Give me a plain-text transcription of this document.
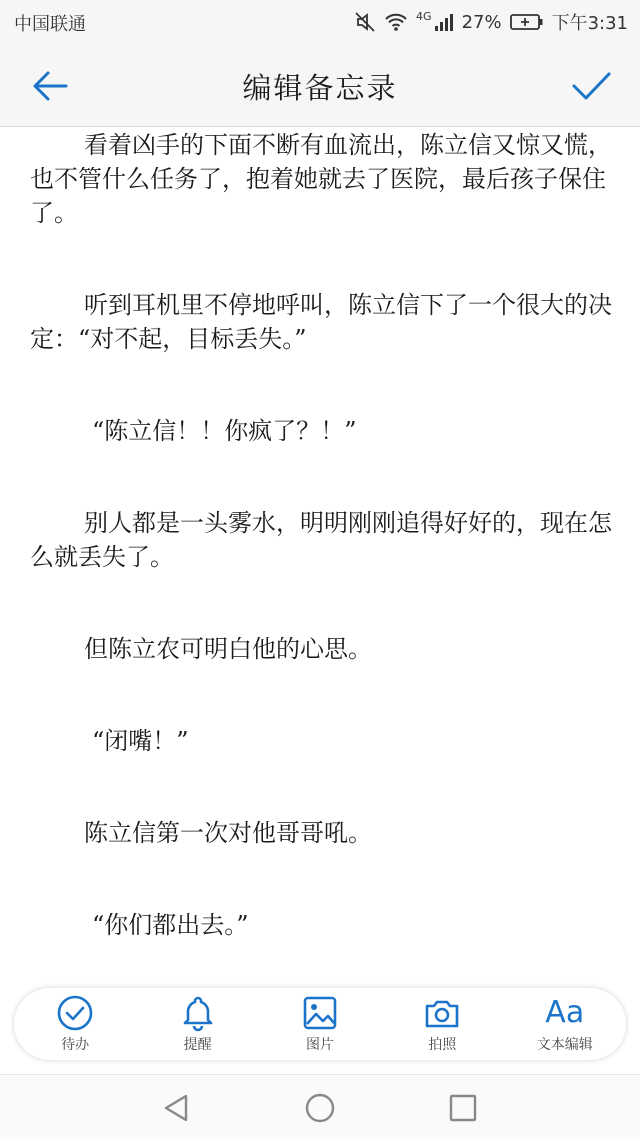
中国联通	4G 27%	下午3:31
编辑备忘录

看着凶手的下面不断有血流出，陈立信又惊又慌，也不管什么任务了，抱着她就去了医院，最后孩子保住了。

听到耳机里不停地呼叫，陈立信下了一个很大的决定：“对不起，目标丢失。”

“陈立信！！你疯了？！”

别人都是一头雾水，明明刚刚追得好好的，现在怎么就丢失了。

但陈立农可明白他的心思。

“闭嘴！”

陈立信第一次对他哥哥吼。

“你们都出去。”

待办	提醒	图片	拍照
Aa
文本编辑
